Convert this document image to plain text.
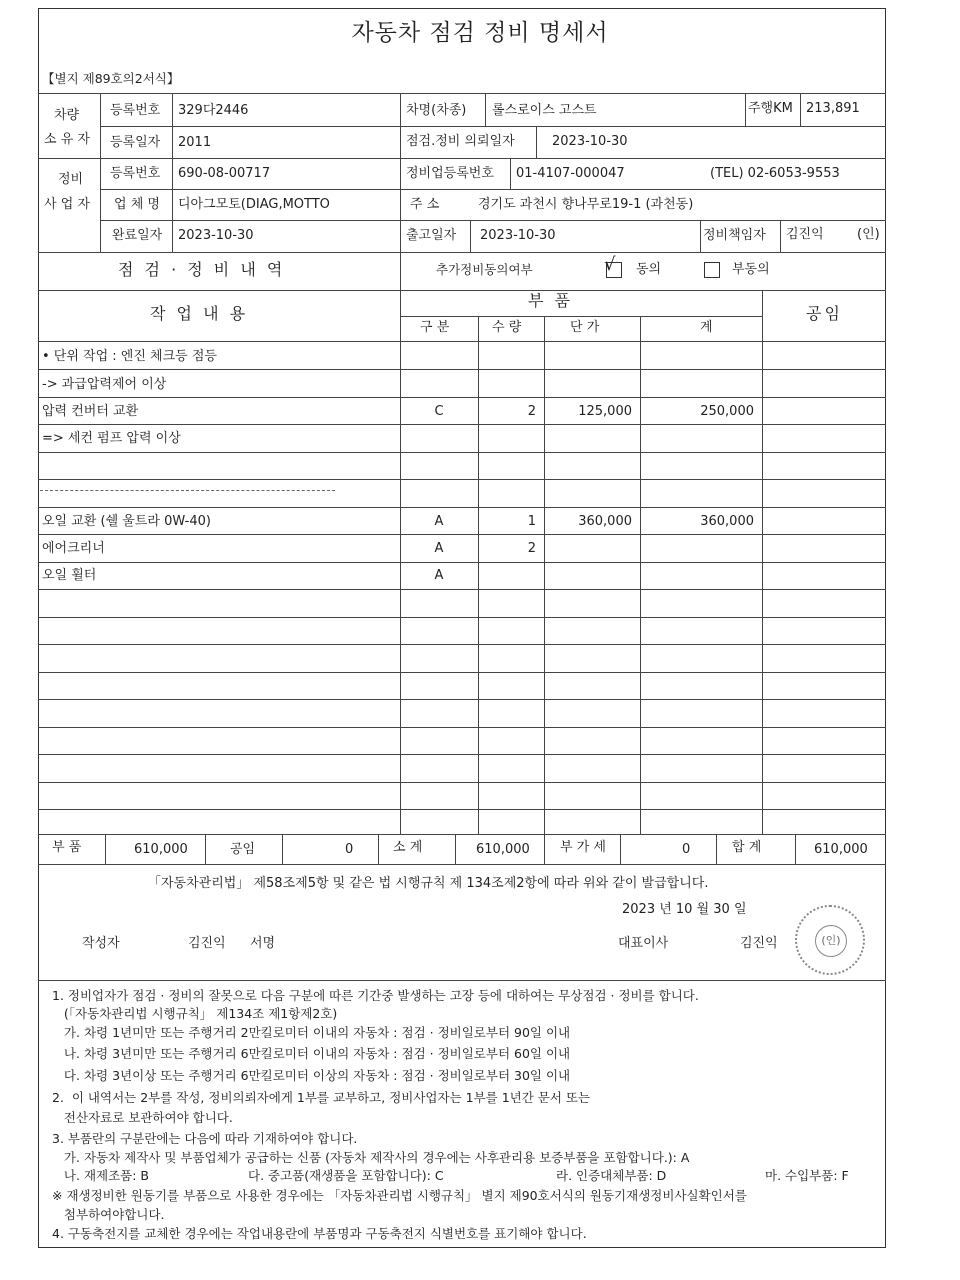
자동차 점검 정비 명세서
【별지 제89호의2서식】
차량
소 유 자
등록번호 329다2446	차명(차종) 롤스로이스 고스트	주행KM 213,891
등록일자 2011	점검.정비 의뢰일자	2023-10-30
정비
사 업 자
등록번호 690-08-00717	정비업등록번호 01-4107-000047	(TEL) 02-6053-9553
업 체 명 디아그모토(DIAG,MOTTO	주 소	경기도 과천시 향나무로19-1 (과천동)
완료일자 2023-10-30	출고일자 2023-10-30	정비책임자 김진익	(인)
점 검 · 정 비 내 역	추가정비동의여부	√ 동의	부동의
작 업 내 용
부 품
공임
구 분	수 량	단 가	계
• 단위 작업 : 엔진 체크등 점등
-> 과급압력제어 이상
압력 컨버터 교환	C	2	125,000	250,000
=> 세컨 펌프 압력 이상
오일 교환 (쉘 울트라 0W-40)	A	1	360,000	360,000
에어크리너	A	2
오일 휠터	A
부 품	610,000	공임	0	소 계	610,000 부 가 세	0	합 계	610,000
「자동차관리법」 제58조제5항 및 같은 법 시행규칙 제 134조제2항에 따라 위와 같이 발급합니다.
2023 년 10 월 30 일
작성자	김진익 서명	대표이사	김진익	(인)
1. 정비업자가 점검 · 정비의 잘못으로 다음 구분에 따른 기간중 발생하는 고장 등에 대하여는 무상점검 · 정비를 합니다.
(「자동차관리법 시행규칙」 제134조 제1항제2호)
가. 차령 1년미만 또는 주행거리 2만킬로미터 이내의 자동차 : 점검 · 정비일로부터 90일 이내
나. 차령 3년미만 또는 주행거리 6만킬로미터 이내의 자동차 : 점검 · 정비일로부터 60일 이내
다. 차령 3년이상 또는 주행거리 6만킬로미터 이상의 자동차 : 점검 · 정비일로부터 30일 이내
2.  이 내역서는 2부를 작성, 정비의뢰자에게 1부를 교부하고, 정비사업자는 1부를 1년간 문서 또는
전산자료로 보관하여야 합니다.
3. 부품란의 구분란에는 다음에 따라 기재하여야 합니다.
가. 자동차 제작사 및 부품업체가 공급하는 신품 (자동차 제작사의 경우에는 사후관리용 보증부품을 포함합니다.): A
나. 재제조품: B
※ 재생정비한 원동기를 부품으로 사용한 경우에는 「자동차관리법 시행규칙」 별지 제90호서식의 원동기재생정비사실확인서를
첨부하여야합니다.
4. 구동축전지를 교체한 경우에는 작업내용란에 부품명과 구동축전지 식별번호를 표기해야 합니다.
다. 중고품(재생품을 포함합니다): C	라. 인증대체부품: D	마. 수입부품: F
